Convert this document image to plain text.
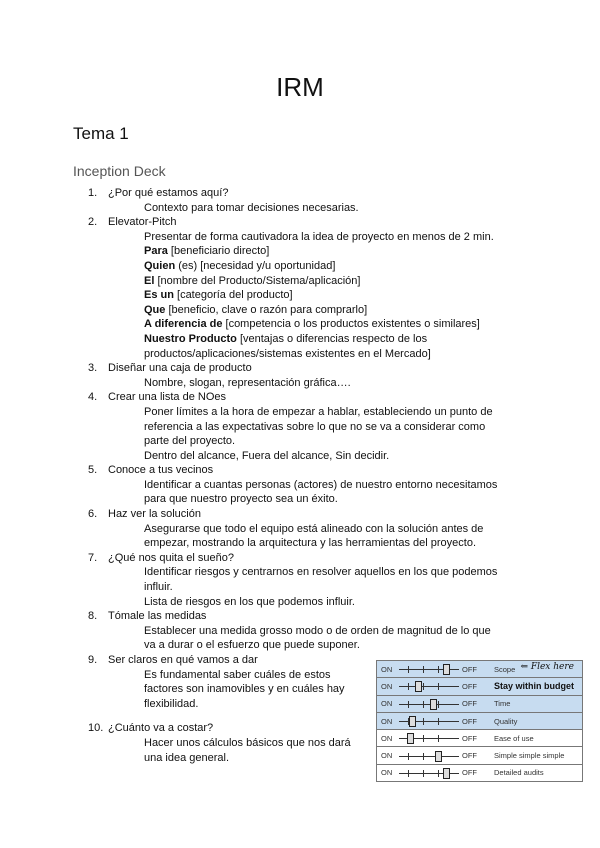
IRM
Tema 1
Inception Deck
1. ¿Por qué estamos aquí?
Contexto para tomar decisiones necesarias.
2. Elevator-Pitch
Presentar de forma cautivadora la idea de proyecto en menos de 2 min.
Para [beneficiario directo]
Quien (es) [necesidad y/u oportunidad]
El [nombre del Producto/Sistema/aplicación]
Es un [categoría del producto]
Que [beneficio, clave o razón para comprarlo]
A diferencia de [competencia o los productos existentes o similares]
Nuestro Producto [ventajas o diferencias respecto de los productos/aplicaciones/sistemas existentes en el Mercado]
3. Diseñar una caja de producto
Nombre, slogan, representación gráfica….
4. Crear una lista de NOes
Poner límites a la hora de empezar a hablar, estableciendo un punto de referencia a las expectativas sobre lo que no se va a considerar como parte del proyecto.
Dentro del alcance, Fuera del alcance, Sin decidir.
5. Conoce a tus vecinos
Identificar a cuantas personas (actores) de nuestro entorno necesitamos para que nuestro proyecto sea un éxito.
6. Haz ver la solución
Asegurarse que todo el equipo está alineado con la solución antes de empezar, mostrando la arquitectura y las herramientas del proyecto.
7. ¿Qué nos quita el sueño?
Identificar riesgos y centrarnos en resolver aquellos en los que podemos influir.
Lista de riesgos en los que podemos influir.
8. Tómale las medidas
Establecer una medida grosso modo o de orden de magnitud de lo que va a durar o el esfuerzo que puede suponer.
9. Ser claros en qué vamos a dar
Es fundamental saber cuáles de estos factores son inamovibles y en cuáles hay flexibilidad.
10. ¿Cuánto va a costar?
Hacer unos cálculos básicos que nos dará una idea general.
ON	OFF	Scope ⇐ Flex here
ON	OFF	Stay within budget
ON	OFF	Time
ON	OFF	Quality
ON	OFF	Ease of use
ON	OFF	Simple simple simple
ON	OFF	Detailed audits
